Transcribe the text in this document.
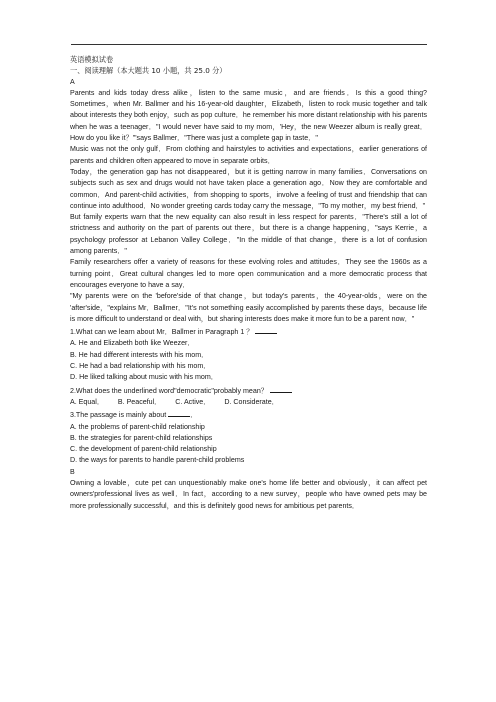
英语模拟试卷

一、阅读理解（本大题共 10 小题，共 25.0 分）

A

Parents and kids today dress alike，listen to the same music，and are friends．Is this a good thing?Sometimes，when Mr. Ballmer and his 16-year-old daughter，Elizabeth，listen to rock music together and talk about interests they both enjoy，such as pop culture．he remember his more distant relationship with his parents when he was a teenager．"I would never have said to my mom，'Hey，the new Weezer album is really great．How do you like it？'"says Ballmer．"There was just a complete gap in taste．"

Music was not the only gulf．From clothing and hairstyles to activities and expectations，earlier generations of parents and children often appeared to move in separate orbits．

Today，the generation gap has not disappeared，but it is getting narrow in many families．Conversations on subjects such as sex and drugs would not have taken place a generation ago．Now they are comfortable and common．And parent-child activities，from shopping to sports，involve a feeling of trust and friendship that can continue into adulthood．No wonder greeting cards today carry the message，"To my mother，my best friend．"

But family experts warn that the new equality can also result in less respect for parents．"There's still a lot of strictness and authority on the part of parents out there，but there is a change happening，"says Kerrie，a psychology professor at Lebanon Valley College．"In the middle of that change，there is a lot of confusion among parents．"

Family researchers offer a variety of reasons for these evolving roles and attitudes．They see the 1960s as a turning point．Great cultural changes led to more open communication and a more democratic process that encourages everyone to have a say．

"My parents were on the 'before'side of that change，but today's parents，the 40-year-olds，were on the 'after'side，"explains Mr．Ballmer．"It's not something easily accomplished by parents these days，because life is more difficult to understand or deal with，but sharing interests does make it more fun to be a parent now．"

1.What can we learn about Mr．Ballmer in Paragraph 1 ？

A. He and Elizabeth both like Weezer．

B. He had different interests with his mom．

C. He had a bad relationship with his mom．

D. He liked talking about music with his mom．

2.What does the underlined word"democratic"probably mean？

A. Equal． B. Peaceful． C. Active． D. Considerate．

3.The passage is mainly about	．

A. the problems of parent-child relationship

B. the strategies for parent-child relationships

C. the development of parent-child relationship

D. the ways for parents to handle parent-child problems

B

Owning a lovable，cute pet can unquestionably make one's home life better and obviously，it can affect pet owners'professional lives as well．In fact，according to a new survey，people who have owned pets may be more professionally successful，and this is definitely good news for ambitious pet parents．
